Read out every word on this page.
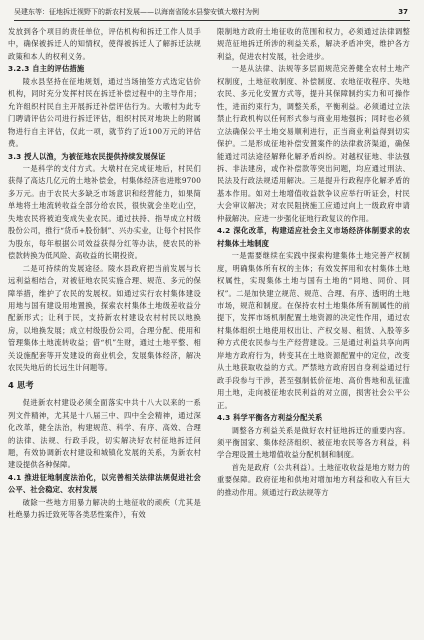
吴建东等：征地拆迁视野下的新农村发展——以海南省陵水县黎安镇大墩村为例	37

发放到各个项目的责任单位，评估机构和拆迁工作人员手中，确保被拆迁人的知情权，使得被拆迁人了解拆迁法规政策和本人的权利义务。

3.2.3 自主的评估措施

陵水县坚持在征地规划，通过当场抽签方式选定估价机构，同时充分发挥村民在拆迁补偿过程中的主导作用；允许组织村民自主开展拆迁补偿评估行为。大墩村为此专门聘请评估公司进行拆迁评估，组织村民对地块上的附属物进行自主评估，仅此一项，就节约了近100万元的评估费。

3.3 授人以渔，为被征地农民提供持续发展保证

一是科学的支付方式。大墩村在完成征地后，村民们获得了高达几亿元的土地补偿金，村集体经济也进账9700多万元。由于农民大多缺乏市场意识和经营能力，如果简单地将土地流转收益全部分给农民，很快就会坐吃山空，失地农民将被迫变成失业农民。通过扶持、指导成立村级股份公司，推行“货币+股份制”、兴办实业，让每个村民作为股东，每年根据公司效益获得分红等办法，使农民的补偿款转换为低风险、高收益的长期投资。

二是可持续的发展途径。陵水县政府把当前发展与长远利益相结合，对被征地农民实施合理、规范、多元的保障举措，维护了农民的发展权。如通过实行农村集体建设用地与国有建设用地置换，探索农村集体土地级差收益分配新形式；让利于民，支持新农村建设农村村民以地换房，以地换发展；成立村级股份公司，合理分配、使用和管理集体土地流转收益；借“机”生财，通过土地平整、相关设施配套等开发建设的商业机会，发展集体经济，解决农民失地后的长远生计问题等。

4 思考

促进新农村建设必须全面落实中共十八大以来的一系列文件精神，尤其是十八届三中、四中全会精神，通过深化改革，健全法治，构建规范、科学、有序、高效、合理的法律、法规、行政手段，切实解决好农村征地拆迁问题，有效协调新农村建设和城镇化发展的关系，为新农村建设提供各种保障。

4.1 推进征地制度法治化，以完善相关法律法规促进社会公平、社会稳定、农村发展

破除一些地方用暴力解决的土地征收的顽疾（尤其是杜绝暴力拆迁致死等各类恶性案件），有效

限制地方政府土地征收的范围和权力，必须通过法律调整规范征地拆迁所涉的利益关系，解决矛盾冲突，维护各方利益，促进农村发展，社会进步。

一是从法律、法规等多层面规范完善健全农村土地产权制度，土地征收制度、补偿制度、农地征收程序、失地农民、多元化安置方式等，提升其保障制约实力和可操作性，进而约束行为，调整关系，平衡利益。必须通过立法禁止行政机构以任何形式参与商业用地强拆；同时也必须立法确保公平土地交易顺利进行，正当商业利益得到切实保护。二是形成征地补偿安置案件的法律救济渠道，确保能通过司法途径解释化解矛盾纠纷。对越权征地、非法强拆、非法建房，或作补偿款等突出问题，均应通过刑法、民法及行政法规适用解决。三是提升行政程序化解矛盾的基本作用。如对土地增值收益款争议应举行听证会，村民大会审议解决；对农民阻挠施工应通过向上一级政府申请仲裁解决。应进一步强化征地行政复议的作用。

4.2 深化改革，构建适应社会主义市场经济体制要求的农村集体土地制度

一是需要继续在实践中探索构建集体土地完善产权制度，明确集体所有权的主体；有效发挥用和农村集体土地权属性，实现集体土地与国有土地的“同地、同价、同权”。二是加快建立规范、规范、合理、有序、透明的土地市场，规范和制度。在保持农村土地集体所有制属性的前提下，发挥市场机制配置土地资源的决定性作用，通过农村集体组织土地使用权出让、产权交易、租赁、入股等多种方式使农民参与生产经营建设。三是通过利益共享向两岸地方政府行为，转变其在土地资源配置中的定位，改变从土地获取收益的方式。严禁地方政府因自身利益通过行政手段参与干涉，甚至强制低价征地、高价售地和乱征滥用土地，走向被征地农民利益的对立面，损害社会公平公正。

4.3 科学平衡各方利益分配关系

调整各方利益关系是做好农村征地拆迁的重要内容。须平衡国家、集体经济组织、被征地农民等各方利益，科学合理设置土地增值收益分配机制和制度。

首先是政府（公共利益）。土地征收收益是地方财力的重要保障。政府征地和供地对增加地方利益和收入有巨大的推动作用。须通过行政法规等方
